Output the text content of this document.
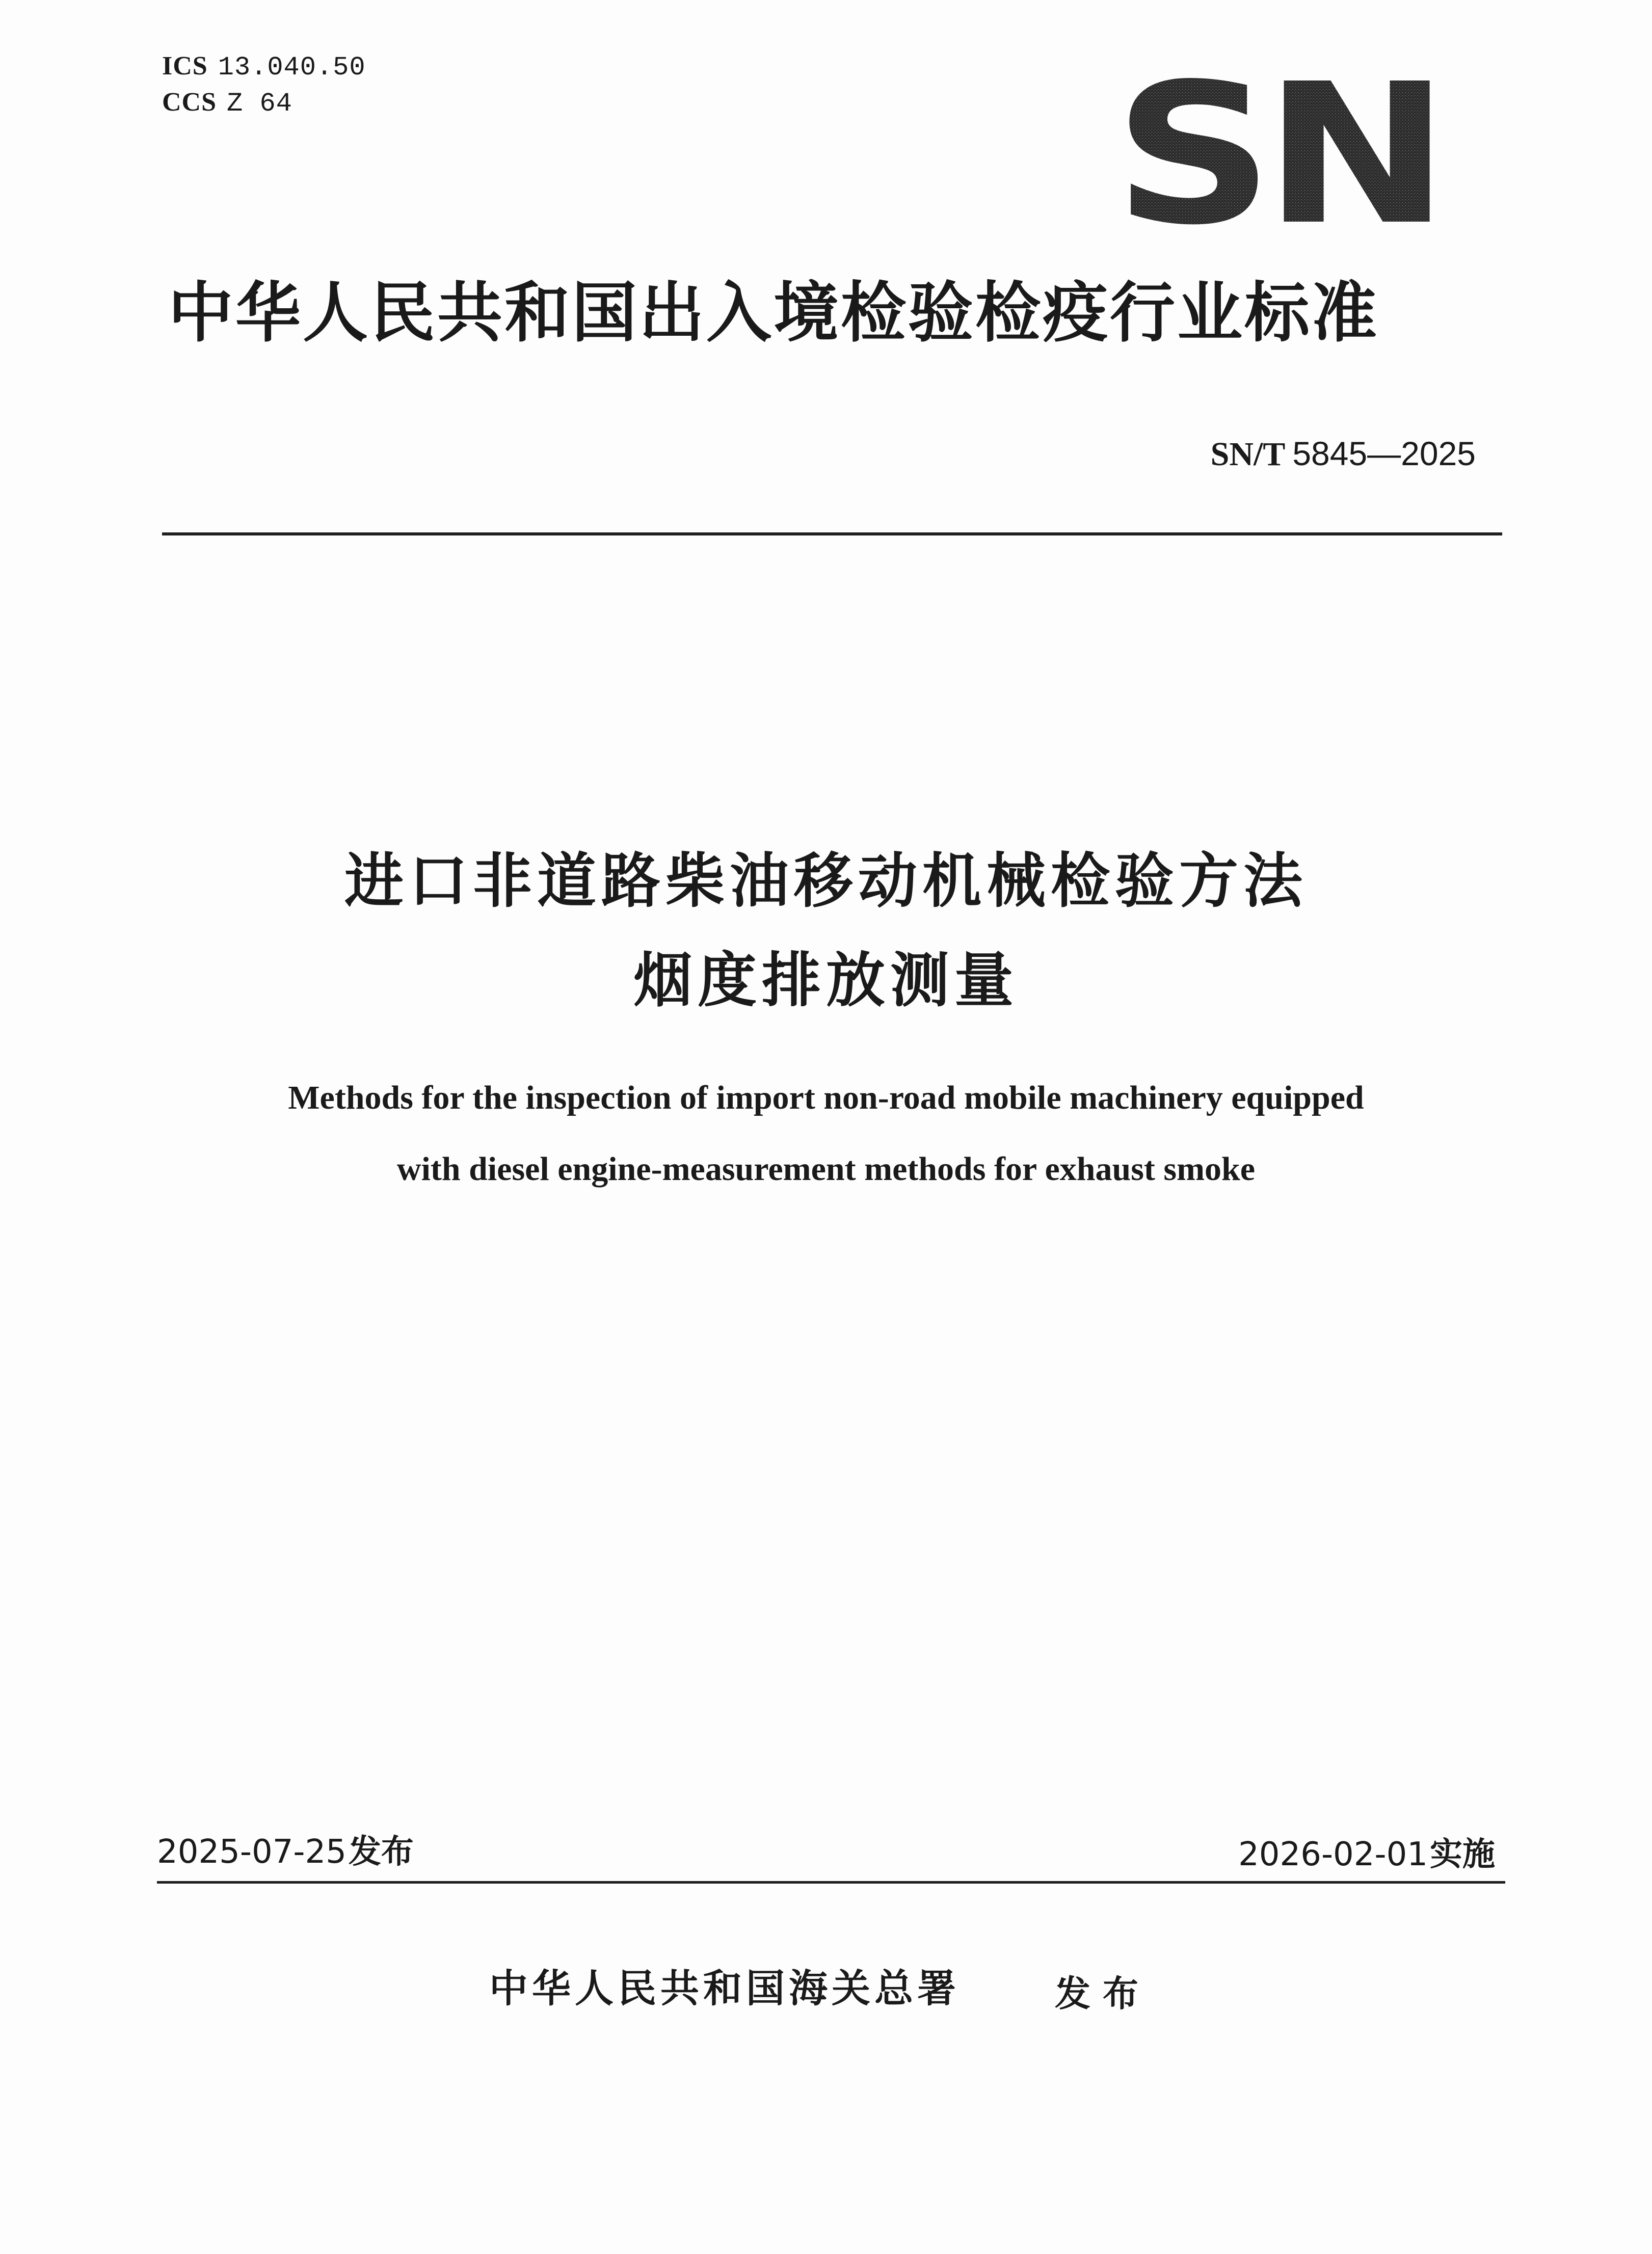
ICS 13.040.50
CCS Z 64	SN
中华人民共和国出入境检验检疫行业标准
SN/T 5845—2025
进口非道路柴油移动机械检验方法
烟度排放测量
Methods for the inspection of import non-road mobile machinery equipped
with diesel engine-measurement methods for exhaust smoke
2025-07-25发布	2026-02-01实施
中华人民共和国海关总署	发布
